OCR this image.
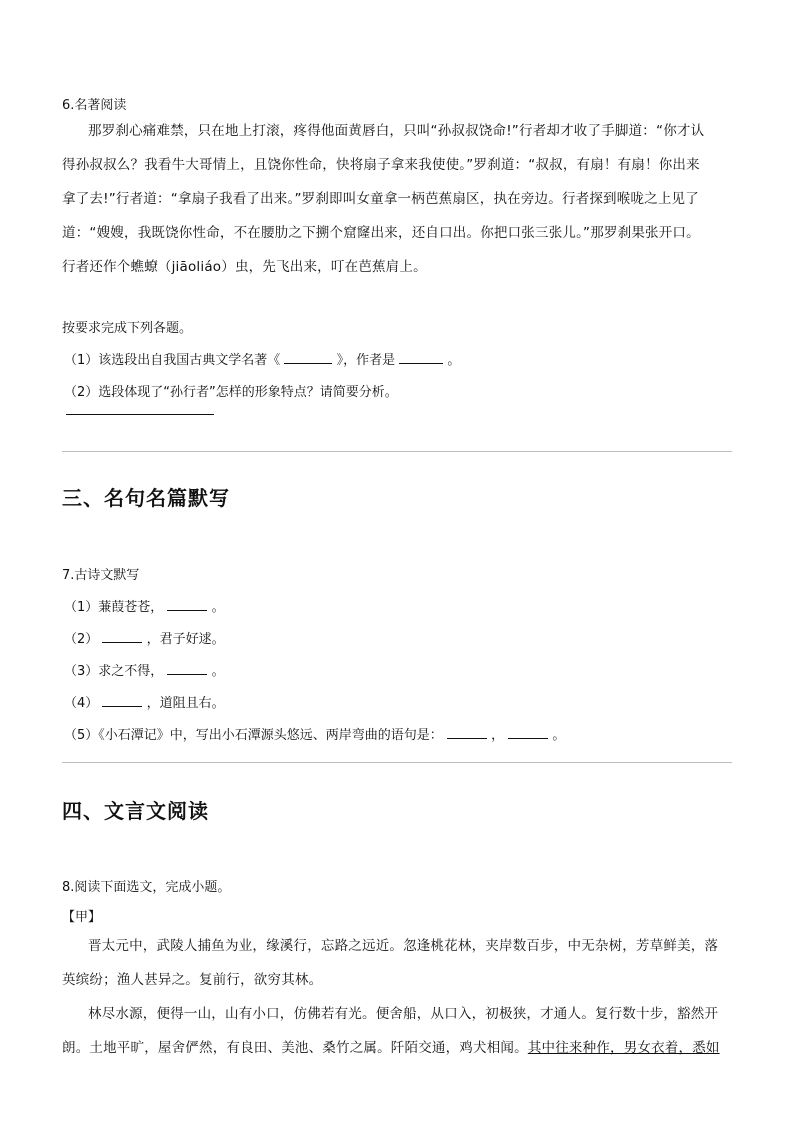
6.名著阅读
那罗刹心痛难禁，只在地上打滚，疼得他面黄唇白，只叫“孙叔叔饶命!”行者却才收了手脚道：“你才认
得孙叔叔么？我看牛大哥情上，且饶你性命，快将扇子拿来我使使。”罗刹道：“叔叔，有扇！有扇！你出来
拿了去!”行者道：“拿扇子我看了出来。”罗刹即叫女童拿一柄芭蕉扇区，执在旁边。行者探到喉咙之上见了
道：“嫂嫂，我既饶你性命，不在腰肋之下搠个窟窿出来，还自口出。你把口张三张儿。”那罗刹果张开口。
行者还作个蟭蟟（jiāoliáo）虫，先飞出来，叮在芭蕉肩上。
按要求完成下列各题。
（1）该选段出自我国古典文学名著《	》，作者是	。
（2）选段体现了“孙行者”怎样的形象特点？请简要分析。
三、名句名篇默写
7.古诗文默写
（1）蒹葭苍苍，	。
（2）	，君子好逑。
（3）求之不得，	。
（4）	，道阻且右。
（5）《小石潭记》中，写出小石潭源头悠远、两岸弯曲的语句是：	，	。
四、文言文阅读
8.阅读下面选文，完成小题。
【甲】
晋太元中，武陵人捕鱼为业，缘溪行，忘路之远近。忽逢桃花林，夹岸数百步，中无杂树，芳草鲜美，落
英缤纷；渔人甚异之。复前行，欲穷其林。
林尽水源，便得一山，山有小口，仿佛若有光。便舍船，从口入，初极狭，才通人。复行数十步，豁然开
朗。土地平旷，屋舍俨然，有良田、美池、桑竹之属。阡陌交通，鸡犬相闻。其中往来种作，男女衣着，悉如
